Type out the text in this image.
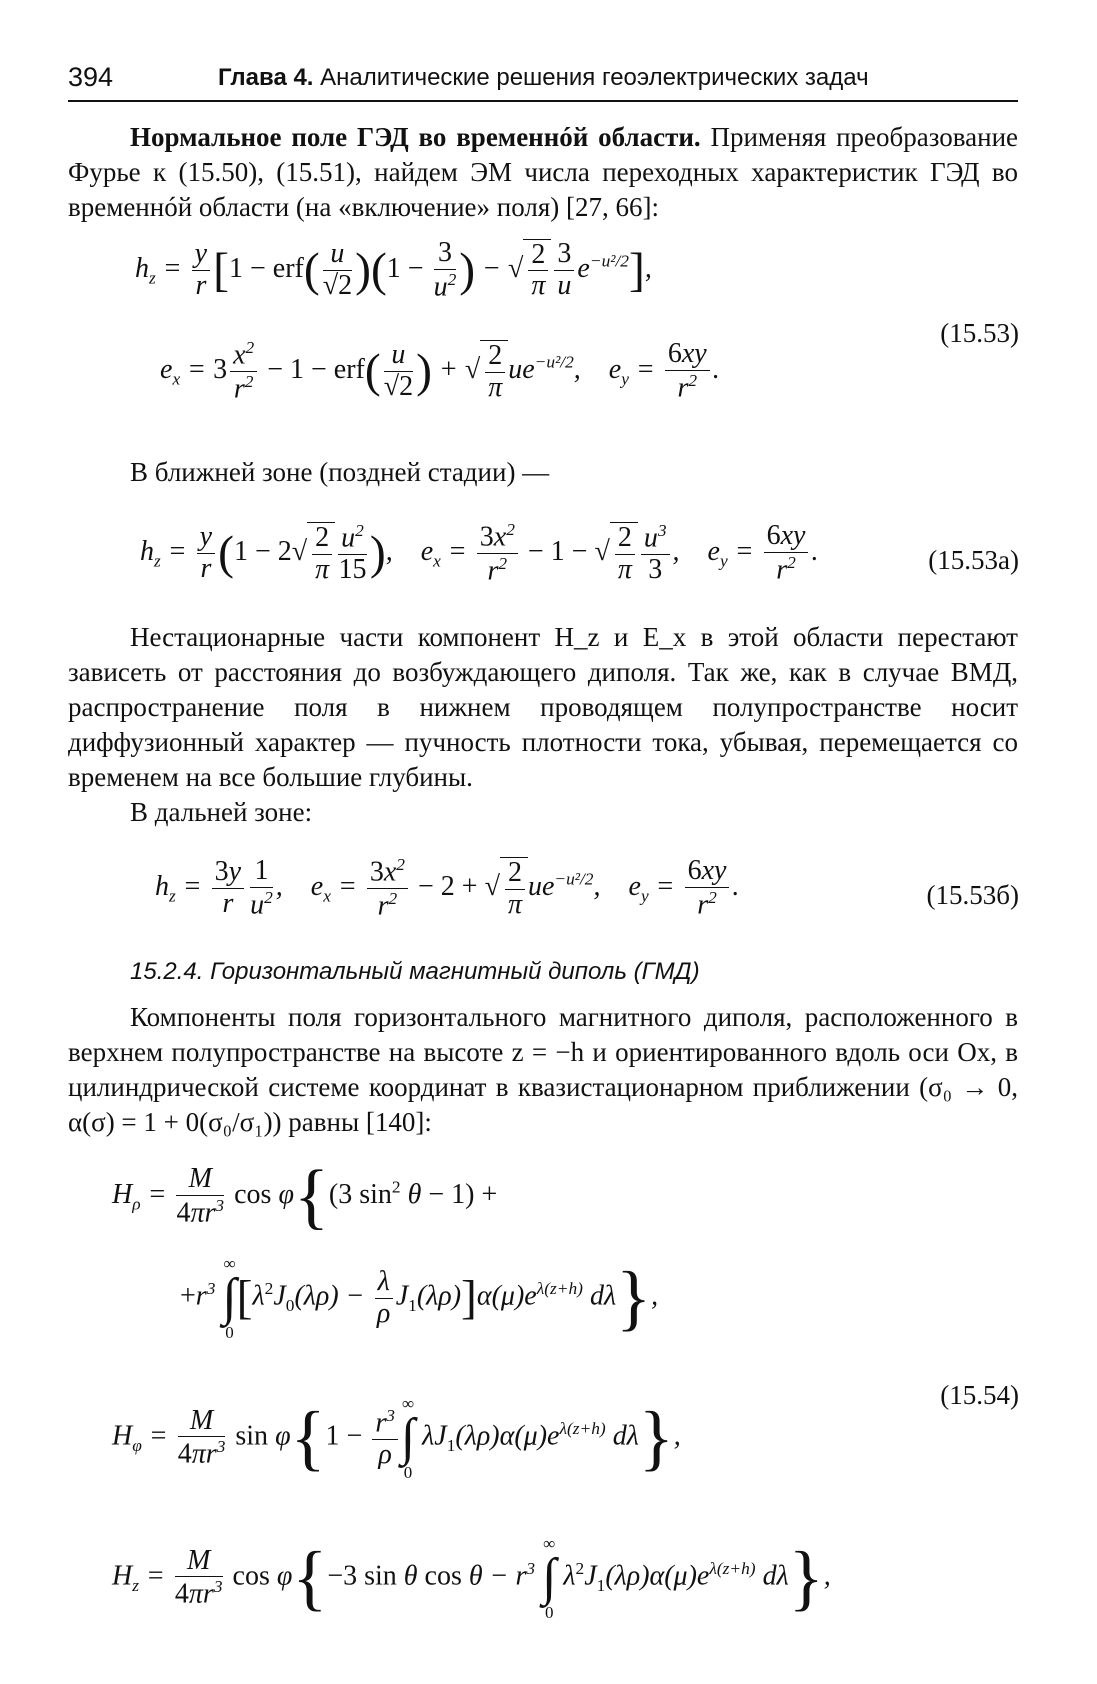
394	Глава 4. Аналитические решения геоэлектрических задач
Нормальное поле ГЭД во временнóй области. Применяя преобразование Фурье к (15.50), (15.51), найдем ЭМ числа переходных характеристик ГЭД во временнóй области (на «включение» поля) [27, 66]:
$h_z = \frac{y}{r} [1 - erf( \frac{u}{√2} )(1 - \frac{3}{u^2}$ ) − √ $\frac{2}{\pi} \frac{3}{u} e^{-u^2/2}$],
$e_x = 3 \frac{x^2}{r^2} - 1 - erf( \frac{u}{√2}$ ) + √ $\frac{2}{\pi} ue^{-u^2/2}$,    $e_y = \frac{6xy}{r^2}$ .
(15.53)
В ближней зоне (поздней стадии) —
$h_z = \frac{y}{r} (1 - 2√ \frac{2}{\pi} \frac{u^2}{15}$ ),    $e_x = \frac{3x^2}{r^2} - 1$ − √ $\frac{2}{\pi} \frac{u^3}{3}$ ,    $e_y = \frac{6xy}{r^2}$ .	(15.53а)
Нестационарные части компонент H_z и E_x в этой области перестают зависеть от расстояния до возбуждающего диполя. Так же, как в случае ВМД, распространение поля в нижнем проводящем полупространстве носит диффузионный характер — пучность плотности тока, убывая, перемещается со временем на все большие глубины.
В дальней зоне:
$h_z = \frac{3y}{r} \frac{1}{u^2}$ ,    $e_x = \frac{3x^2}{r^2} - 2$ + √ $\frac{2}{\pi} ue^{-u^2/2}$,    $e_y = \frac{6xy}{r^2}$ .	(15.53б)
15.2.4. Горизонтальный магнитный диполь (ГМД)
Компоненты поля горизонтального магнитного диполя, расположенного в верхнем полупространстве на высоте z = −h и ориентированного вдоль оси Ox, в цилиндрической системе координат в квазистационарном приближении (σ₀ → 0, α(σ) = 1 + 0(σ₀/σ₁)) равны [140]:
$H_\rho = \frac{M}{4\pi r^3}$ cos φ{(3 $\sin^2 \theta - 1$) +
$+r^3$
∞
∫
0
$[\lambda^2J_0(\lambda\rho) - \frac{\lambda}{\rho} J_1(\lambda\rho)]\alpha(\mu)e^{\lambda(z+h)}$ dλ},
(15.54)
$H_\varphi = \frac{M}{4\pi r^3}$ $\sin \varphi\{1 - \frac{r^3}{\rho}$
∞
∫
0
$\lambda J_1(\lambda\rho)\alpha(\mu)e^{\lambda(z+h)}$ dλ},
$H_z = \frac{M}{4\pi r^3}$ cos φ{−3 sin θ $\cos \theta - r^3$
∞
∫
0
$\lambda^2J_1(\lambda\rho)\alpha(\mu)e^{\lambda(z+h)}$ dλ},
